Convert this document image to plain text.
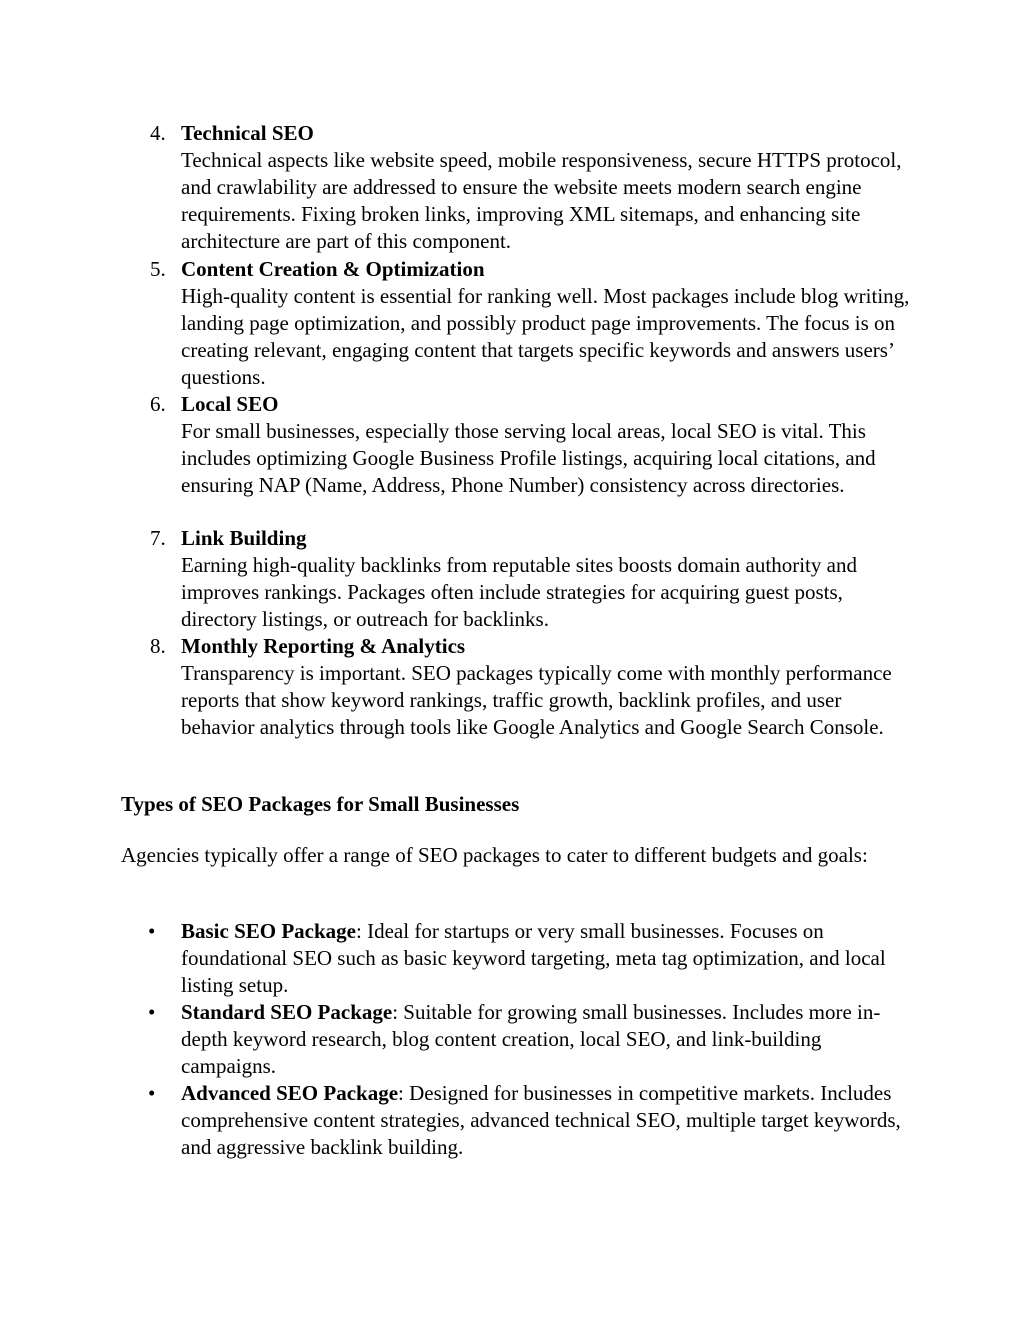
4. Technical SEO
Technical aspects like website speed, mobile responsiveness, secure HTTPS protocol, and crawlability are addressed to ensure the website meets modern search engine requirements. Fixing broken links, improving XML sitemaps, and enhancing site architecture are part of this component.
5. Content Creation & Optimization
High-quality content is essential for ranking well. Most packages include blog writing, landing page optimization, and possibly product page improvements. The focus is on creating relevant, engaging content that targets specific keywords and answers users’ questions.
6. Local SEO
For small businesses, especially those serving local areas, local SEO is vital. This includes optimizing Google Business Profile listings, acquiring local citations, and ensuring NAP (Name, Address, Phone Number) consistency across directories.
7. Link Building
Earning high-quality backlinks from reputable sites boosts domain authority and improves rankings. Packages often include strategies for acquiring guest posts, directory listings, or outreach for backlinks.
8. Monthly Reporting & Analytics
Transparency is important. SEO packages typically come with monthly performance reports that show keyword rankings, traffic growth, backlink profiles, and user behavior analytics through tools like Google Analytics and Google Search Console.
Types of SEO Packages for Small Businesses

Agencies typically offer a range of SEO packages to cater to different budgets and goals:

•	Basic SEO Package: Ideal for startups or very small businesses. Focuses on foundational SEO such as basic keyword targeting, meta tag optimization, and local listing setup.
•	Standard SEO Package: Suitable for growing small businesses. Includes more in-depth keyword research, blog content creation, local SEO, and link-building campaigns.
•	Advanced SEO Package: Designed for businesses in competitive markets. Includes comprehensive content strategies, advanced technical SEO, multiple target keywords, and aggressive backlink building.
